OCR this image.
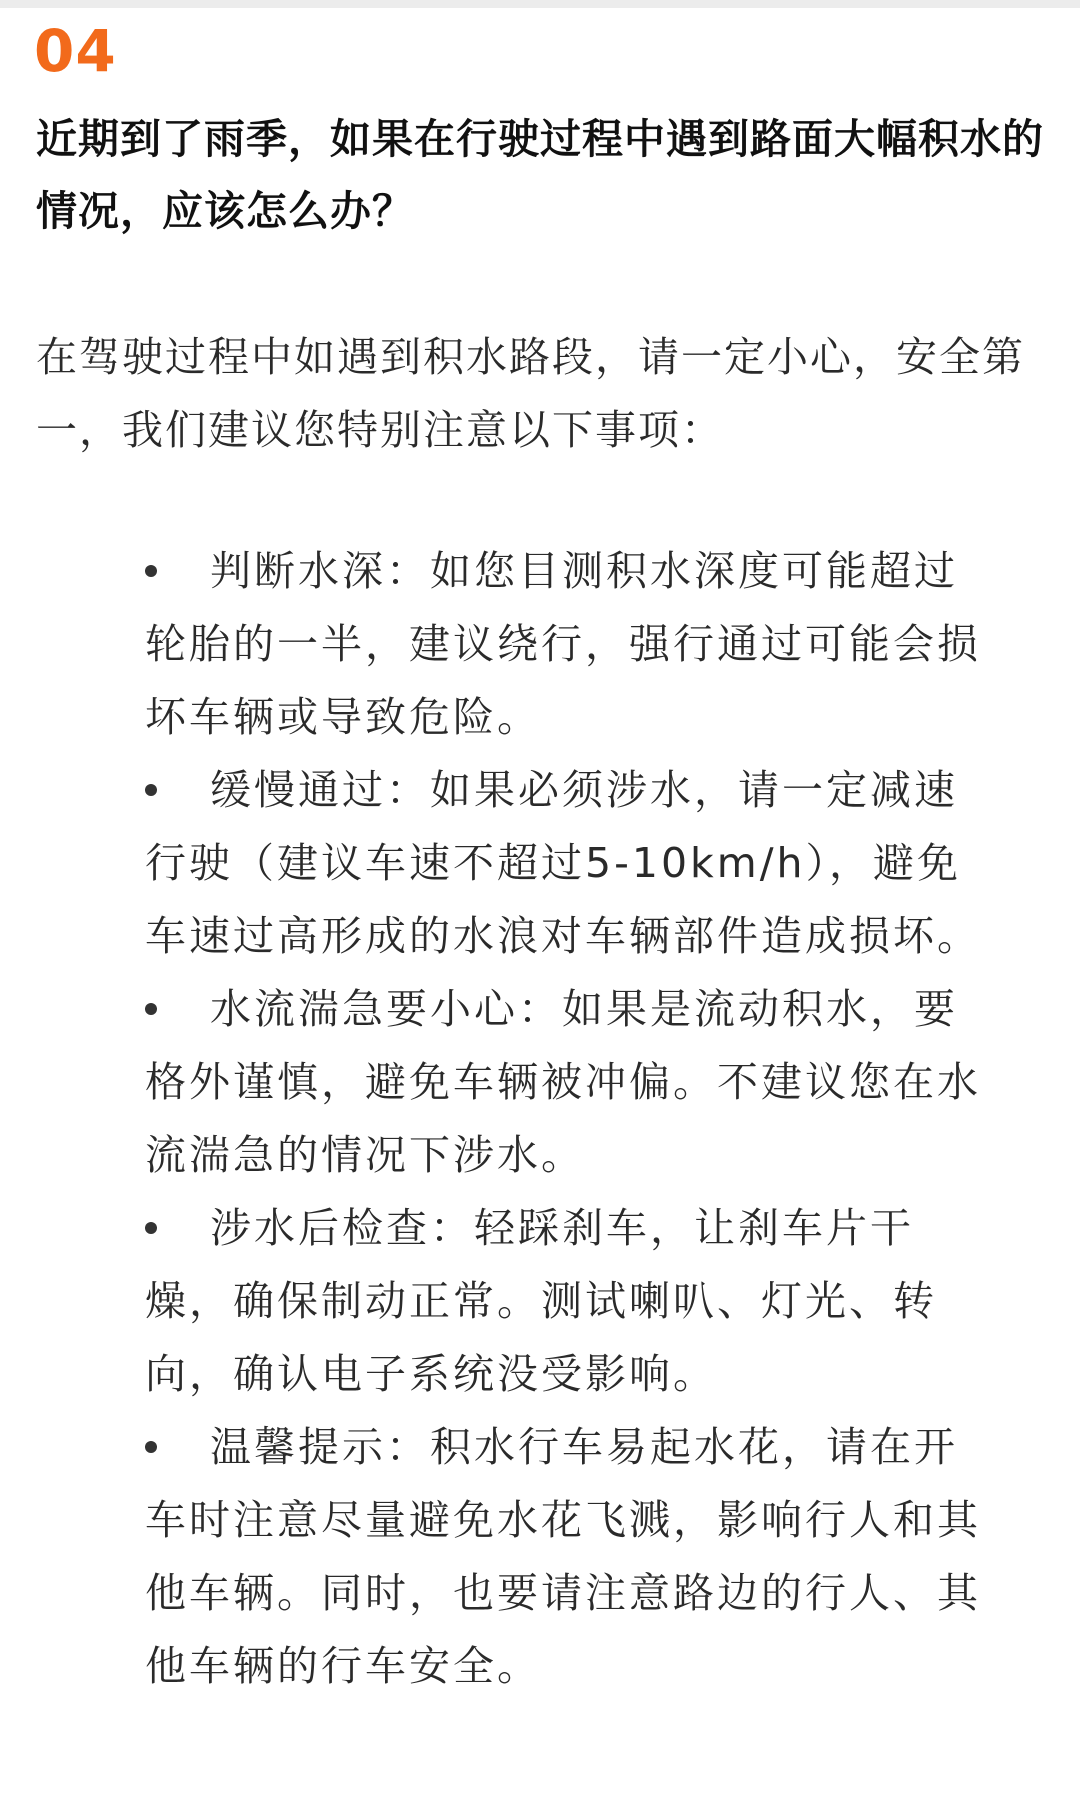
04
近期到了雨季，如果在行驶过程中遇到路面大幅积水的情况，应该怎么办？
在驾驶过程中如遇到积水路段，请一定小心，安全第一，我们建议您特别注意以下事项：
判断水深：如您目测积水深度可能超过轮胎的一半，建议绕行，强行通过可能会损坏车辆或导致危险。
缓慢通过：如果必须涉水，请一定减速行驶（建议车速不超过5-10km/h），避免车速过高形成的水浪对车辆部件造成损坏。
水流湍急要小心：如果是流动积水，要格外谨慎，避免车辆被冲偏。不建议您在水流湍急的情况下涉水。
涉水后检查：轻踩刹车，让刹车片干燥，确保制动正常。测试喇叭、灯光、转向，确认电子系统没受影响。
温馨提示：积水行车易起水花，请在开车时注意尽量避免水花飞溅，影响行人和其他车辆。同时，也要请注意路边的行人、其他车辆的行车安全。
